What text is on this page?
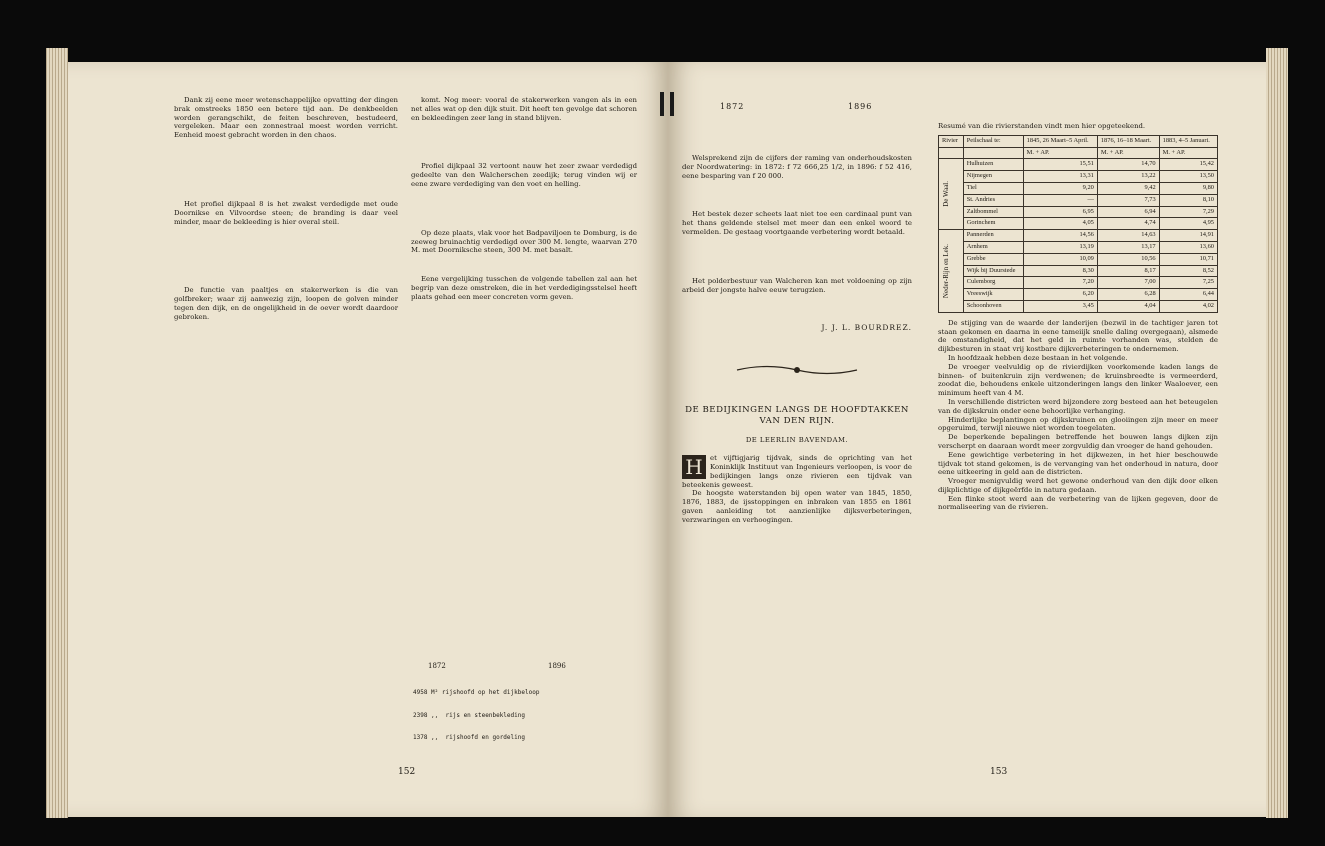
Dank zij eene meer wetenschappelijke opvatting der dingen brak omstreeks 1850 een betere tijd aan. De denkbeelden worden gerangschikt, de feiten beschreven, bestudeerd, vergeleken. Maar een zonnestraal moest worden verricht. Eenheid moest gebracht worden in den chaos.

Het profiel dijkpaal 8 is het zwakst verdedigde met oude Doornikse en Vilvoordse steen; de branding is daar veel minder, maar de bekleeding is hier overal steil.

De functie van paaltjes en stakerwerken is die van golfbreker; waar zij aanwezig zijn, loopen de golven minder tegen den dijk, en de ongelijkheid in de oever wordt daardoor gebroken.

komt. Nog meer: vooral de stakerwerken vangen als in een net alles wat op den dijk stuit. Dit heeft ten gevolge dat schoren en bekleedingen zeer lang in stand blijven.

Profiel dijkpaal 32 vertoont nauw het zeer zwaar verdedigd gedeelte van den Walcherschen zeedijk; terug vinden wij er eene zware verdediging van den voet en helling.

Op deze plaats, vlak voor het Badpaviljoen te Domburg, is de zeeweg bruinachtig verdedigd over 300 M. lengte, waarvan 270 M. met Doorniksche steen, 300 M. met basalt.

Eene vergelijking tusschen de volgende tabellen zal aan het begrip van deze omstreken, die in het verdedigingsstelsel heeft plaats gehad een meer concreten vorm geven.

1872	1896

4958 M² rijshoofd op het dijkbeloop

2398 ,,  rijs en steenbekleding

1378 ,,  rijshoofd en gordeling

152
1872	1896

Welsprekend zijn de cijfers der raming van onderhoudskosten der Noordwatering: in 1872: f 72 666,25 1/2, in 1896: f 52 416, eene besparing van f 20 000.

Het bestek dezer scheets laat niet toe een cardinaal punt van het thans geldende stelsel met meer dan een enkel woord te vermelden. De gestaag voortgaande verbetering wordt betaald.

Het polderbestuur van Walcheren kan met voldoening op zijn arbeid der jongste halve eeuw terugzien.

J. J. L. BOURDREZ.
DE BEDIJKINGEN LANGS DE HOOFDTAKKEN
VAN DEN RIJN.
DE LEERLIN BAVENDAM.
H	et vijftigjarig tijdvak, sinds de oprichting van het Koninklijk Instituut van Ingenieurs verloopen, is voor de bedijkingen langs onze rivieren een tijdvak van beteekenis geweest.

De hoogste waterstanden bij open water van 1845, 1850, 1876, 1883, de ijsstoppingen en inbraken van 1855 en 1861 gaven aanleiding tot aanzienlijke dijksverbeteringen, verzwaringen en verhoogingen.

Resumé van die rivierstanden vindt men hier opgeteekend.

Rivier	Peilschaal te:	1845, 26 Maart–5 April.	1876, 16–18 Maart.	1883, 4–5 Januari.
		M. + AP.	M. + AP.	M. + AP.

De Waal.	Hulhuizen	15,51	14,70	15,42
	Nijmegen	13,31	13,22	13,50
	Tiel	9,20	9,42	9,80
	St. Andries	—	7,73	8,10
	Zaltbommel	6,95	6,94	7,29
	Gorinchem	4,05	4,74	4,95

Neder-Rijn en Lek.	Pannerden	14,56	14,63	14,91
	Arnhem	13,19	13,17	13,60
	Grebbe	10,09	10,56	10,71
	Wijk bij Duurstede	8,30	8,17	8,52
	Culemborg	7,20	7,00	7,25
	Vreeswijk	6,20	6,28	6,44
	Schoonhoven	3,45	4,04	4,02

De stijging van de waarde der landerijen (bezwil in de tachtiger jaren tot staan gekomen en daarna in eene tameiijk snelle daling overgegaan), alsmede de omstandigheid, dat het geld in ruimte vorhanden was, stelden de dijkbesturen in staat vrij kostbare dijkverbeteringen te ondernemen.

In hoofdzaak hebben deze bestaan in het volgende.

De vroeger veelvuldig op de rivierdijken voorkomende kaden langs de binnen- of buitenkruin zijn verdwenen; de kruinsbreedte is vermeerderd, zoodat die, behoudens enkele uitzonderingen langs den linker Waaloever, een minimum heeft van 4 M.

In verschillende districten werd bijzondere zorg besteed aan het beteugelen van de dijkskruin onder eene behoorlijke verhanging.

Hinderlijke beplantingen op dijkskruinen en glooiingen zijn meer en meer opgeruimd, terwijl nieuwe niet worden toegelaten.

De beperkende bepalingen betreffende het bouwen langs dijken zijn verscherpt en daaraan wordt meer zorgvuldig dan vroeger de hand gehouden.

Eene gewichtige verbetering in het dijkwezen, in het hier beschouwde tijdvak tot stand gekomen, is de vervanging van het onderhoud in natura, door eene uitkeering in geld aan de districten.

Vroeger menigvuldig werd het gewone onderhoud van den dijk door elken dijkplichtige of dijkgeërfde in natura gedaan.

Een flinke stoot werd aan de verbetering van de lijken gegeven, door de normaliseering van de rivieren.

153
